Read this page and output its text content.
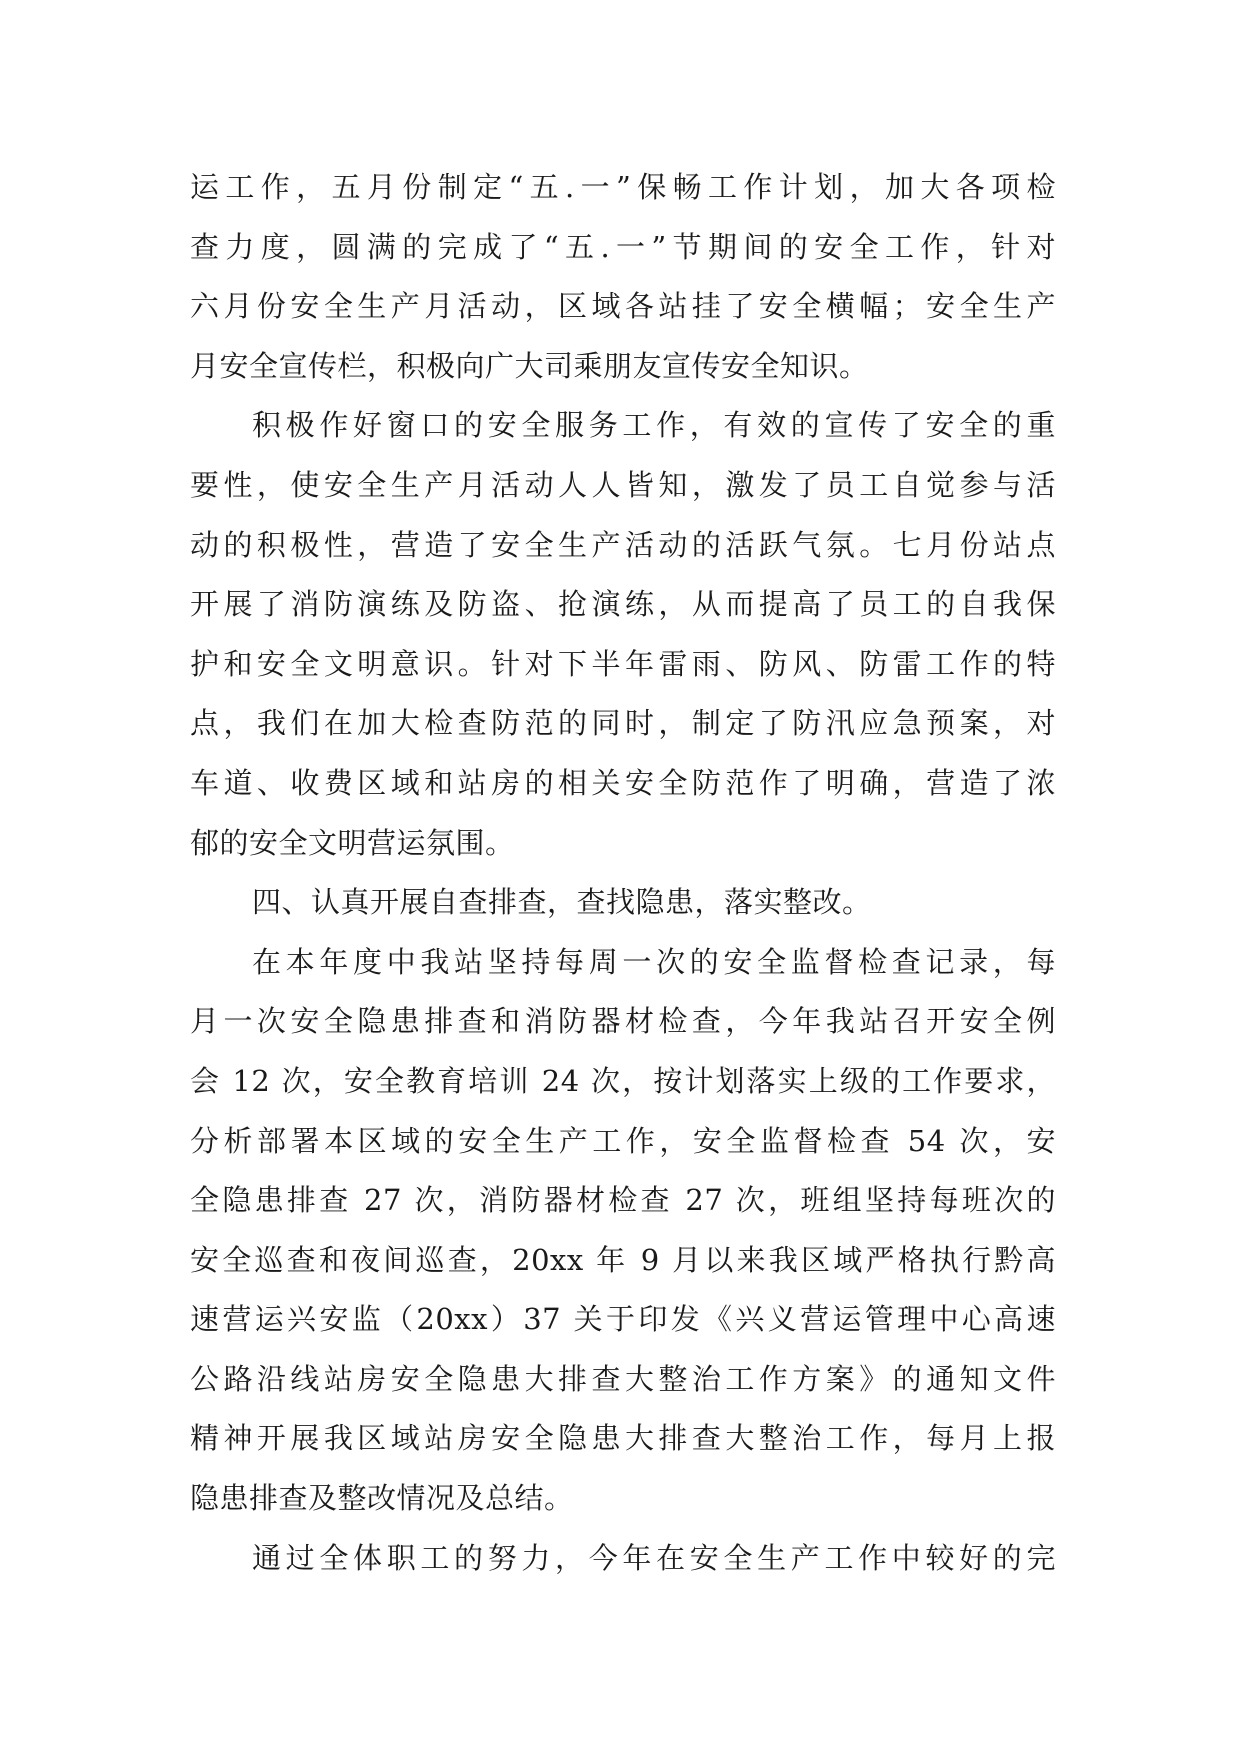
运工作，五月份制定“五.一”保畅工作计划，加大各项检
查力度，圆满的完成了“五.一”节期间的安全工作，针对
六月份安全生产月活动，区域各站挂了安全横幅；安全生产
月安全宣传栏，积极向广大司乘朋友宣传安全知识。
积极作好窗口的安全服务工作，有效的宣传了安全的重
要性，使安全生产月活动人人皆知，激发了员工自觉参与活
动的积极性，营造了安全生产活动的活跃气氛。七月份站点
开展了消防演练及防盗、抢演练，从而提高了员工的自我保
护和安全文明意识。针对下半年雷雨、防风、防雷工作的特
点，我们在加大检查防范的同时，制定了防汛应急预案，对
车道、收费区域和站房的相关安全防范作了明确，营造了浓
郁的安全文明营运氛围。
四、认真开展自查排查，查找隐患，落实整改。
在本年度中我站坚持每周一次的安全监督检查记录，每
月一次安全隐患排查和消防器材检查，今年我站召开安全例
会 12 次，安全教育培训 24 次，按计划落实上级的工作要求，
分析部署本区域的安全生产工作，安全监督检查 54 次，安
全隐患排查 27 次，消防器材检查 27 次，班组坚持每班次的
安全巡查和夜间巡查，20xx 年 9 月以来我区域严格执行黔高
速营运兴安监（20xx）37 关于印发《兴义营运管理中心高速
公路沿线站房安全隐患大排查大整治工作方案》的通知文件
精神开展我区域站房安全隐患大排查大整治工作，每月上报
隐患排查及整改情况及总结。
通过全体职工的努力，今年在安全生产工作中较好的完
